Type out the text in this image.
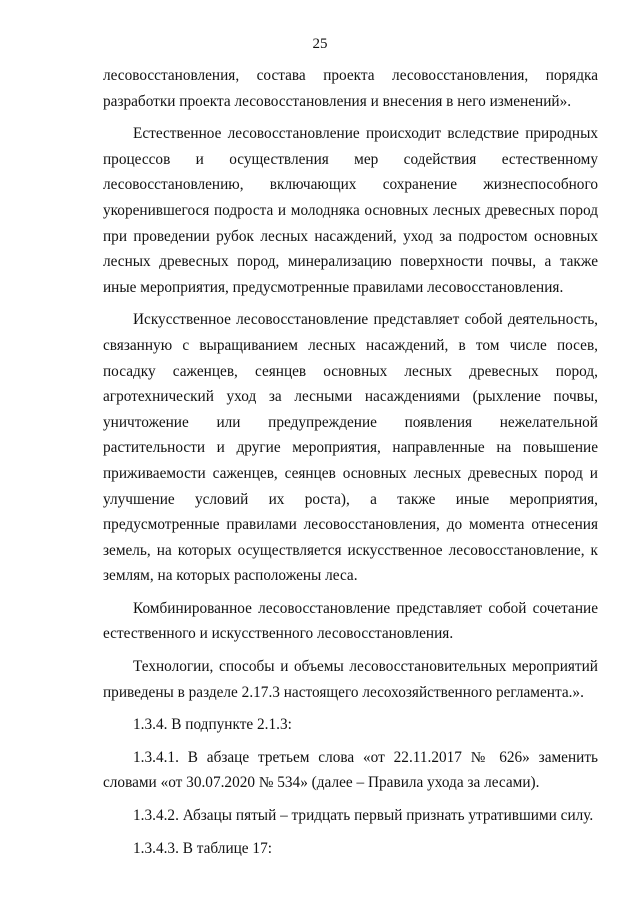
25

лесовосстановления, состава проекта лесовосстановления, порядка разработки проекта лесовосстановления и внесения в него изменений».

Естественное лесовосстановление происходит вследствие природных процессов и осуществления мер содействия естественному лесовосстановлению, включающих сохранение жизнеспособного укоренившегося подроста и молодняка основных лесных древесных пород при проведении рубок лесных насаждений, уход за подростом основных лесных древесных пород, минерализацию поверхности почвы, а также иные мероприятия, предусмотренные правилами лесовосстановления.

Искусственное лесовосстановление представляет собой деятельность, связанную с выращиванием лесных насаждений, в том числе посев, посадку саженцев, сеянцев основных лесных древесных пород, агротехнический уход за лесными насаждениями (рыхление почвы, уничтожение или предупреждение появления нежелательной растительности и другие мероприятия, направленные на повышение приживаемости саженцев, сеянцев основных лесных древесных пород и улучшение условий их роста), а также иные мероприятия, предусмотренные правилами лесовосстановления, до момента отнесения земель, на которых осуществляется искусственное лесовосстановление, к землям, на которых расположены леса.

Комбинированное лесовосстановление представляет собой сочетание естественного и искусственного лесовосстановления.

Технологии, способы и объемы лесовосстановительных мероприятий приведены в разделе 2.17.3 настоящего лесохозяйственного регламента.».

1.3.4. В подпункте 2.1.3:

1.3.4.1. В абзаце третьем слова «от 22.11.2017 № 626» заменить словами «от 30.07.2020 № 534» (далее – Правила ухода за лесами).

1.3.4.2. Абзацы пятый – тридцать первый признать утратившими силу.

1.3.4.3. В таблице 17:
